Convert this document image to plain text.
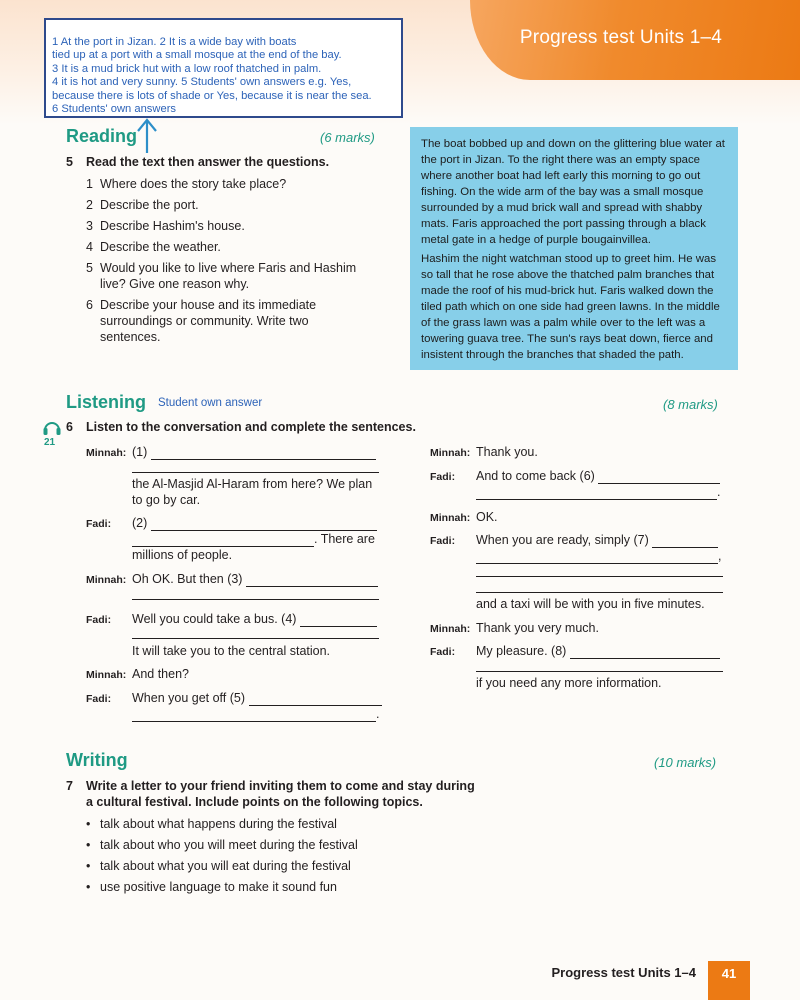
Progress test Units 1–4
1 At the port in Jizan. 2 It is a wide bay with boats
tied up at a port with a small mosque at the end of the bay.
3 It is a mud brick hut with a low roof thatched in palm.
4 it is hot and very sunny. 5 Students' own answers e.g. Yes,
because there is lots of shade or Yes, because it is near the sea.
6 Students' own answers
Reading	(6 marks)
5 Read the text then answer the questions.
1 Where does the story take place?
2 Describe the port.
3 Describe Hashim's house.
4 Describe the weather.
5 Would you like to live where Faris and Hashim live? Give one reason why.
6 Describe your house and its immediate surroundings or community. Write two sentences.

The boat bobbed up and down on the glittering blue water at the port in Jizan. To the right there was an empty space where another boat had left early this morning to go out fishing. On the wide arm of the bay was a small mosque surrounded by a mud brick wall and spread with shabby mats. Faris approached the port passing through a black metal gate in a hedge of purple bougainvillea.

Hashim the night watchman stood up to greet him. He was so tall that he rose above the thatched palm branches that made the roof of his mud-brick hut. Faris walked down the tiled path which on one side had green lawns. In the middle of the grass lawn was a palm while over to the left was a towering guava tree. The sun's rays beat down, fierce and insistent through the branches that shaded the path.

Listening Student own answer	(8 marks)
21
6 Listen to the conversation and complete the sentences.
Minnah: (1)
the Al-Masjid Al-Haram from here? We plan
to go by car.
Fadi: (2)
. There are
millions of people.
Minnah: Oh OK. But then (3)
Fadi: Well you could take a bus. (4)
It will take you to the central station.
Minnah: And then?
Fadi: When you get off (5)
.
Minnah: Thank you.
Fadi: And to come back (6)
.
Minnah: OK.
Fadi: When you are ready, simply (7)
,
and a taxi will be with you in five minutes.
Minnah: Thank you very much.
Fadi: My pleasure. (8)
if you need any more information.
Writing	(10 marks)
7 Write a letter to your friend inviting them to come and stay during
a cultural festival. Include points on the following topics.
• talk about what happens during the festival
• talk about who you will meet during the festival
• talk about what you will eat during the festival
• use positive language to make it sound fun
Progress test Units 1–4	41
